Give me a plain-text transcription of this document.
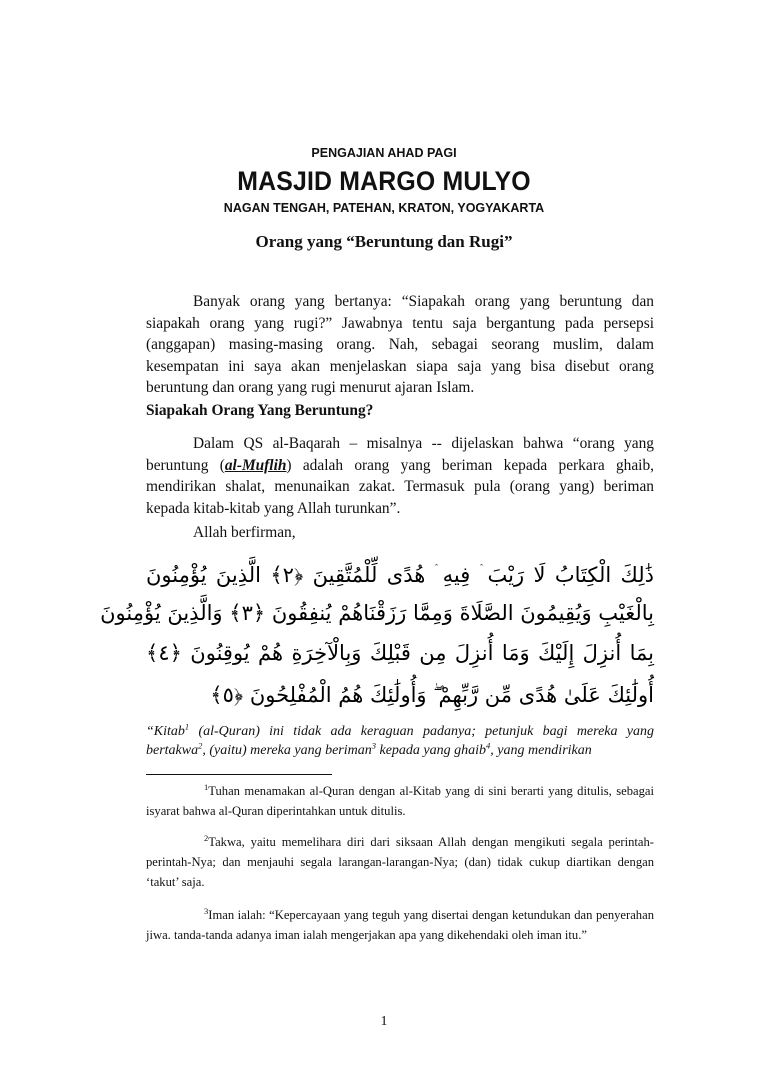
PENGAJIAN AHAD PAGI
MASJID MARGO MULYO
NAGAN TENGAH, PATEHAN, KRATON, YOGYAKARTA
Orang yang “Beruntung dan Rugi”
Banyak orang yang bertanya: “Siapakah orang yang beruntung dan siapakah orang yang rugi?” Jawabnya tentu saja bergantung pada persepsi (anggapan) masing-masing orang. Nah, sebagai seorang muslim, dalam kesempatan ini saya akan menjelaskan siapa saja yang bisa disebut orang beruntung dan orang yang rugi menurut ajaran Islam.
Siapakah Orang Yang Beruntung?
Dalam QS al-Baqarah – misalnya -- dijelaskan bahwa “orang yang beruntung (al-Muflih) adalah orang yang beriman kepada perkara ghaib, mendirikan shalat, menunaikan zakat. Termasuk pula (orang yang) beriman kepada kitab-kitab yang Allah turunkan”.
Allah berfirman,
ذَٰلِكَ الْكِتَابُ لَا رَيْبَ ۛ فِيهِ ۛ هُدًى لِّلْمُتَّقِينَ ﴿٢﴾ الَّذِينَ يُؤْمِنُونَ
بِالْغَيْبِ وَيُقِيمُونَ الصَّلَاةَ وَمِمَّا رَزَقْنَاهُمْ يُنفِقُونَ ﴿٣﴾ وَالَّذِينَ يُؤْمِنُونَ
بِمَا أُنزِلَ إِلَيْكَ وَمَا أُنزِلَ مِن قَبْلِكَ وَبِالْآخِرَةِ هُمْ يُوقِنُونَ ﴿٤﴾
أُولَٰئِكَ عَلَىٰ هُدًى مِّن رَّبِّهِمْ ۖ وَأُولَٰئِكَ هُمُ الْمُفْلِحُونَ ﴿٥﴾
“Kitab$^1$ (al-Quran) ini tidak ada keraguan padanya; petunjuk bagi mereka yang bertakwa$^2$, (yaitu) mereka yang beriman$^3$ kepada yang ghaib$^4$, yang mendirikan
$^1$Tuhan menamakan al-Quran dengan al-Kitab yang di sini berarti yang ditulis, sebagai isyarat bahwa al-Quran diperintahkan untuk ditulis.
$^2$Takwa, yaitu memelihara diri dari siksaan Allah dengan mengikuti segala perintah-perintah-Nya; dan menjauhi segala larangan-larangan-Nya; (dan) tidak cukup diartikan dengan ‘takut’ saja.
$^3$Iman ialah: “Kepercayaan yang teguh yang disertai dengan ketundukan dan penyerahan jiwa. tanda-tanda adanya iman ialah mengerjakan apa yang dikehendaki oleh iman itu.”
1
